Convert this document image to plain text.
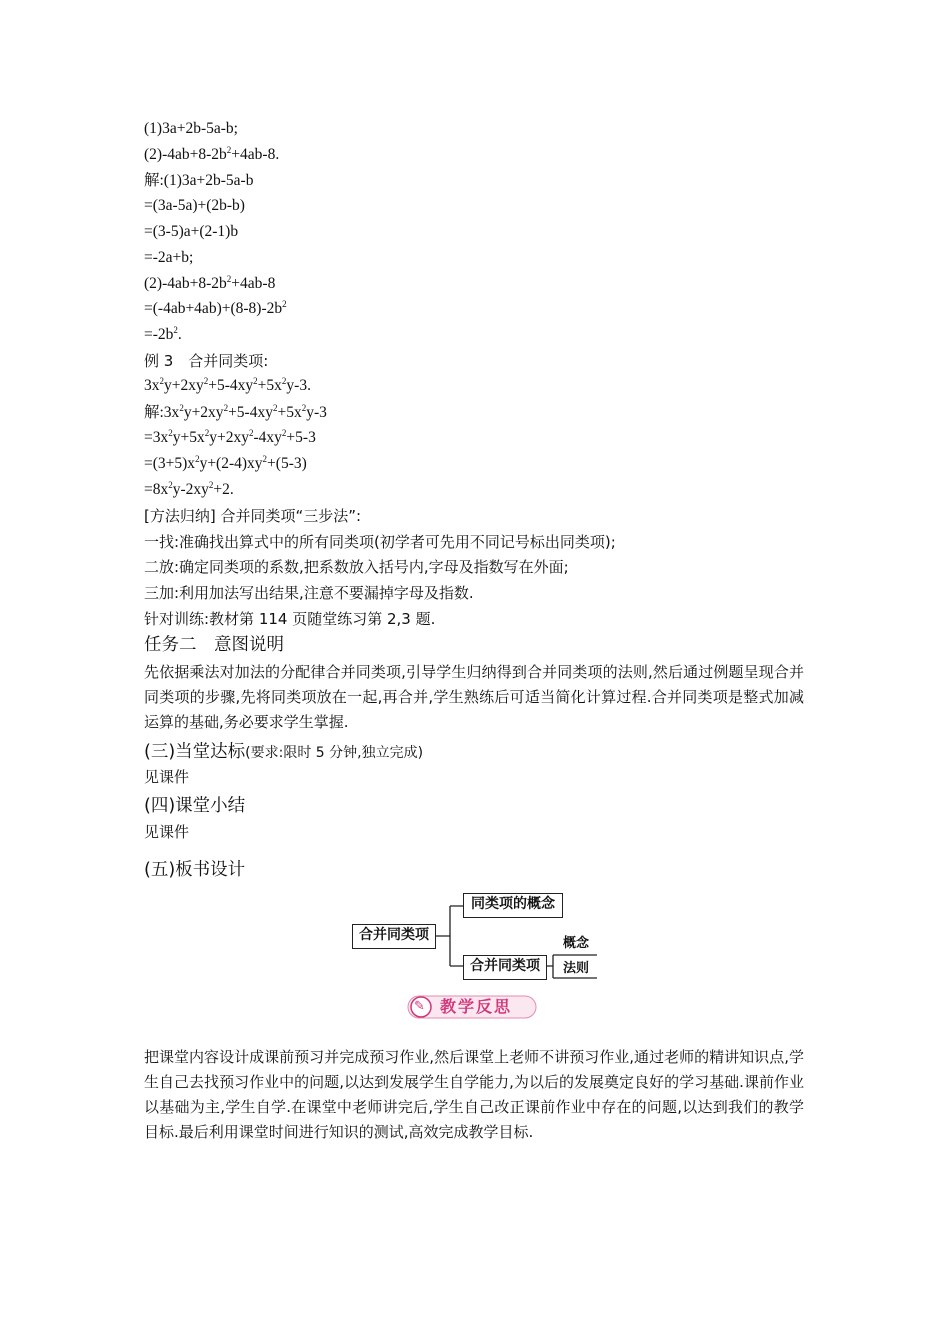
(1)3a+2b-5a-b;
$(2)-4ab+8-2b^2+4ab-8$.
解:(1)3a+2b-5a-b
=(3a-5a)+(2b-b)
=(3-5)a+(2-1)b
=-2a+b;
$(2)-4ab+8-2b^2+4ab-8$
$=(-4ab+4ab)+(8-8)-2b^2$
$=-2b^2$.
例 3　合并同类项:
$3x^2y+2xy^2+5-4xy^2+5x^2y-3$.
解$:3x^2y+2xy^2+5-4xy^2+5x^2y-3$
$=3x^2y+5x^2y+2xy^2-4xy^2+5-3$
$=(3+5)x^2y+(2-4)xy^2+(5-3)$
$=8x^2y-2xy^2+2$.
[方法归纳] 合并同类项“三步法”:
一找:准确找出算式中的所有同类项(初学者可先用不同记号标出同类项);
二放:确定同类项的系数,把系数放入括号内,字母及指数写在外面;
三加:利用加法写出结果,注意不要漏掉字母及指数.
针对训练:教材第 114 页随堂练习第 2,3 题.
任务二　意图说明
先依据乘法对加法的分配律合并同类项,引导学生归纳得到合并同类项的法则,然后通过例题呈现合并同类项的步骤,先将同类项放在一起,再合并,学生熟练后可适当简化计算过程.合并同类项是整式加减运算的基础,务必要求学生掌握.
(三)当堂达标(要求:限时 5 分钟,独立完成)
见课件
(四)课堂小结
见课件
(五)板书设计
合并同类项
同类项的概念
合并同类项
概念
法则
✎ 教学反思
把课堂内容设计成课前预习并完成预习作业,然后课堂上老师不讲预习作业,通过老师的精讲知识点,学生自己去找预习作业中的问题,以达到发展学生自学能力,为以后的发展奠定良好的学习基础.课前作业以基础为主,学生自学.在课堂中老师讲完后,学生自己改正课前作业中存在的问题,以达到我们的教学目标.最后利用课堂时间进行知识的测试,高效完成教学目标.
